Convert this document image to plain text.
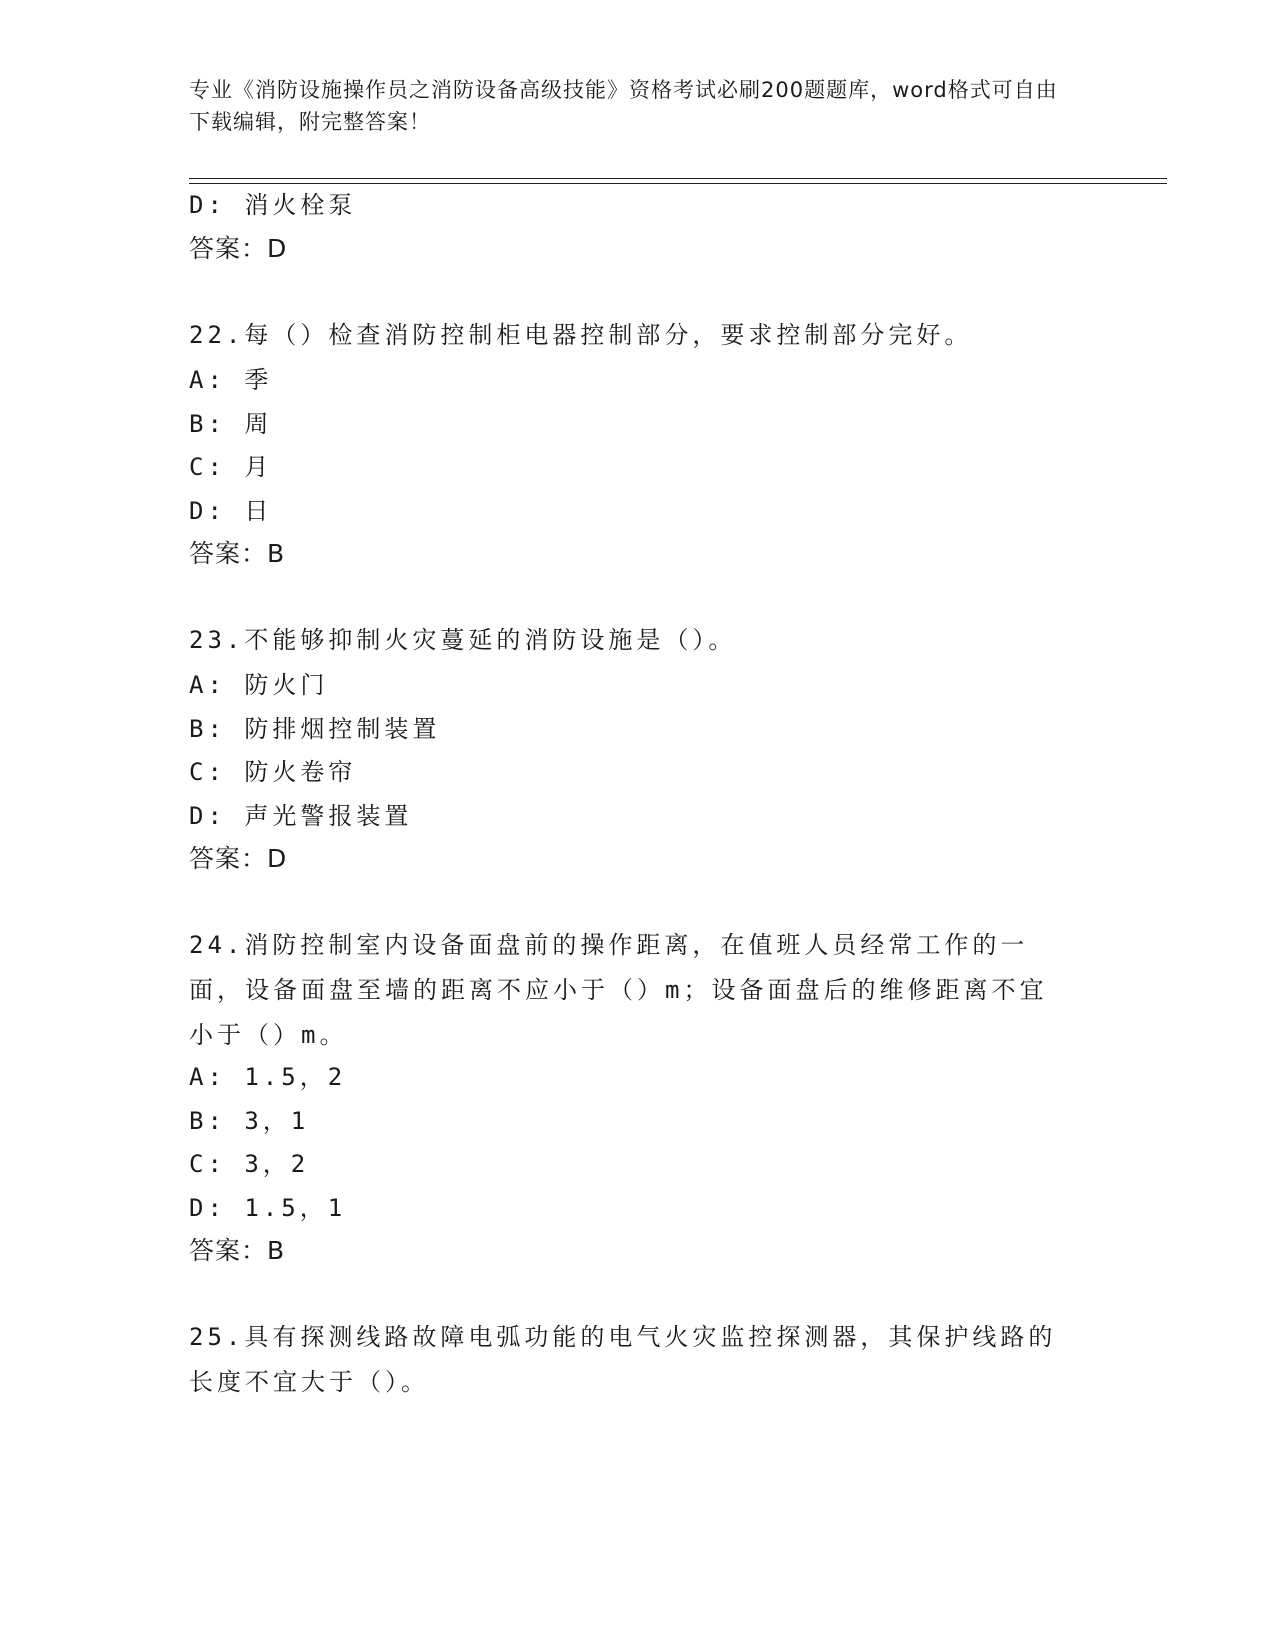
专业《消防设施操作员之消防设备高级技能》资格考试必刷200题题库，word格式可自由下载编辑，附完整答案！
D: 消火栓泵
答案：D
22.每（）检查消防控制柜电器控制部分，要求控制部分完好。
A: 季
B: 周
C: 月
D: 日
答案：B
23.不能够抑制火灾蔓延的消防设施是（）。
A: 防火门
B: 防排烟控制装置
C: 防火卷帘
D: 声光警报装置
答案：D
24.消防控制室内设备面盘前的操作距离，在值班人员经常工作的一面，设备面盘至墙的距离不应小于（）m；设备面盘后的维修距离不宜小于（）m。
A: 1.5，2
B: 3，1
C: 3，2
D: 1.5，1
答案：B
25.具有探测线路故障电弧功能的电气火灾监控探测器，其保护线路的长度不宜大于（）。
